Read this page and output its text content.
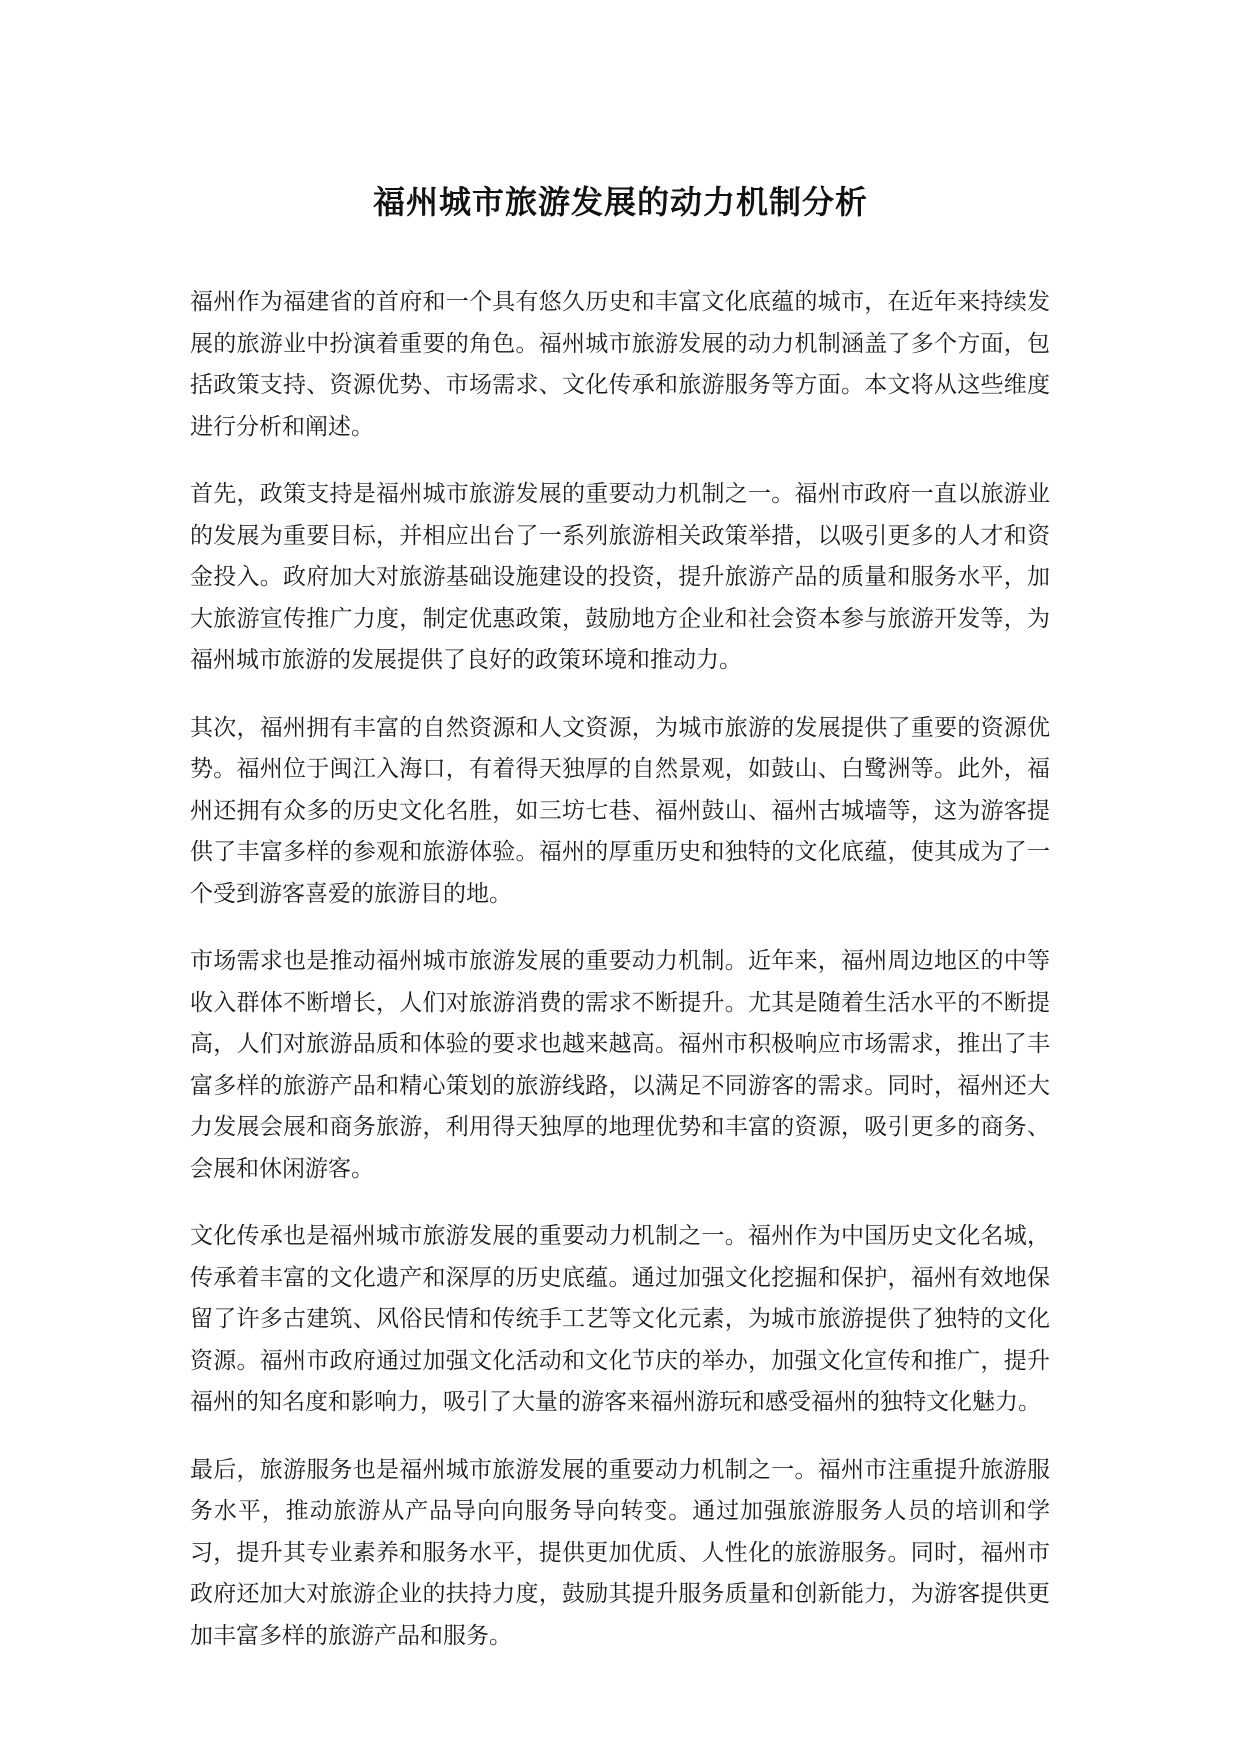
福州城市旅游发展的动力机制分析

福州作为福建省的首府和一个具有悠久历史和丰富文化底蕴的城市，在近年来持续发展的旅游业中扮演着重要的角色。福州城市旅游发展的动力机制涵盖了多个方面，包括政策支持、资源优势、市场需求、文化传承和旅游服务等方面。本文将从这些维度进行分析和阐述。

首先，政策支持是福州城市旅游发展的重要动力机制之一。福州市政府一直以旅游业的发展为重要目标，并相应出台了一系列旅游相关政策举措，以吸引更多的人才和资金投入。政府加大对旅游基础设施建设的投资，提升旅游产品的质量和服务水平，加大旅游宣传推广力度，制定优惠政策，鼓励地方企业和社会资本参与旅游开发等，为福州城市旅游的发展提供了良好的政策环境和推动力。

其次，福州拥有丰富的自然资源和人文资源，为城市旅游的发展提供了重要的资源优势。福州位于闽江入海口，有着得天独厚的自然景观，如鼓山、白鹭洲等。此外，福州还拥有众多的历史文化名胜，如三坊七巷、福州鼓山、福州古城墙等，这为游客提供了丰富多样的参观和旅游体验。福州的厚重历史和独特的文化底蕴，使其成为了一个受到游客喜爱的旅游目的地。

市场需求也是推动福州城市旅游发展的重要动力机制。近年来，福州周边地区的中等收入群体不断增长，人们对旅游消费的需求不断提升。尤其是随着生活水平的不断提高，人们对旅游品质和体验的要求也越来越高。福州市积极响应市场需求，推出了丰富多样的旅游产品和精心策划的旅游线路，以满足不同游客的需求。同时，福州还大力发展会展和商务旅游，利用得天独厚的地理优势和丰富的资源，吸引更多的商务、会展和休闲游客。

文化传承也是福州城市旅游发展的重要动力机制之一。福州作为中国历史文化名城，传承着丰富的文化遗产和深厚的历史底蕴。通过加强文化挖掘和保护，福州有效地保留了许多古建筑、风俗民情和传统手工艺等文化元素，为城市旅游提供了独特的文化资源。福州市政府通过加强文化活动和文化节庆的举办，加强文化宣传和推广，提升福州的知名度和影响力，吸引了大量的游客来福州游玩和感受福州的独特文化魅力。

最后，旅游服务也是福州城市旅游发展的重要动力机制之一。福州市注重提升旅游服务水平，推动旅游从产品导向向服务导向转变。通过加强旅游服务人员的培训和学习，提升其专业素养和服务水平，提供更加优质、人性化的旅游服务。同时，福州市政府还加大对旅游企业的扶持力度，鼓励其提升服务质量和创新能力，为游客提供更加丰富多样的旅游产品和服务。
